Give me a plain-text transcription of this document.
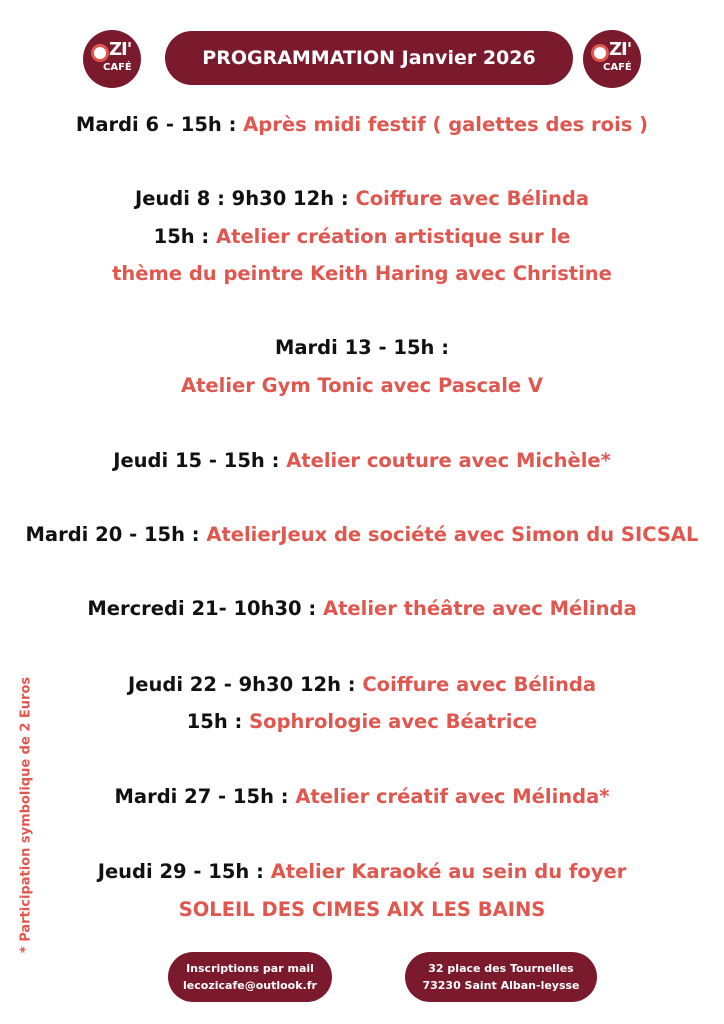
ZI'
CAFÉ	PROGRAMMATION Janvier 2026	ZI'
CAFÉ
Mardi 6 - 15h : Après midi festif ( galettes des rois )
Jeudi 8 : 9h30 12h : Coiffure avec Bélinda
15h : Atelier création artistique sur le
thème du peintre Keith Haring avec Christine
Mardi 13 - 15h :
Atelier Gym Tonic avec Pascale V
Jeudi 15 - 15h : Atelier couture avec Michèle*
Mardi 20 - 15h : AtelierJeux de société avec Simon du SICSAL
Mercredi 21- 10h30 : Atelier théâtre avec Mélinda
Jeudi 22 - 9h30 12h : Coiffure avec Bélinda
15h : Sophrologie avec Béatrice
Mardi 27 - 15h : Atelier créatif avec Mélinda*
Jeudi 29 - 15h : Atelier Karaoké au sein du foyer
SOLEIL DES CIMES AIX LES BAINS
* Participation symbolique de 2 Euros
Inscriptions par mail
lecozicafe@outlook.fr
32 place des Tournelles
73230 Saint Alban-leysse
